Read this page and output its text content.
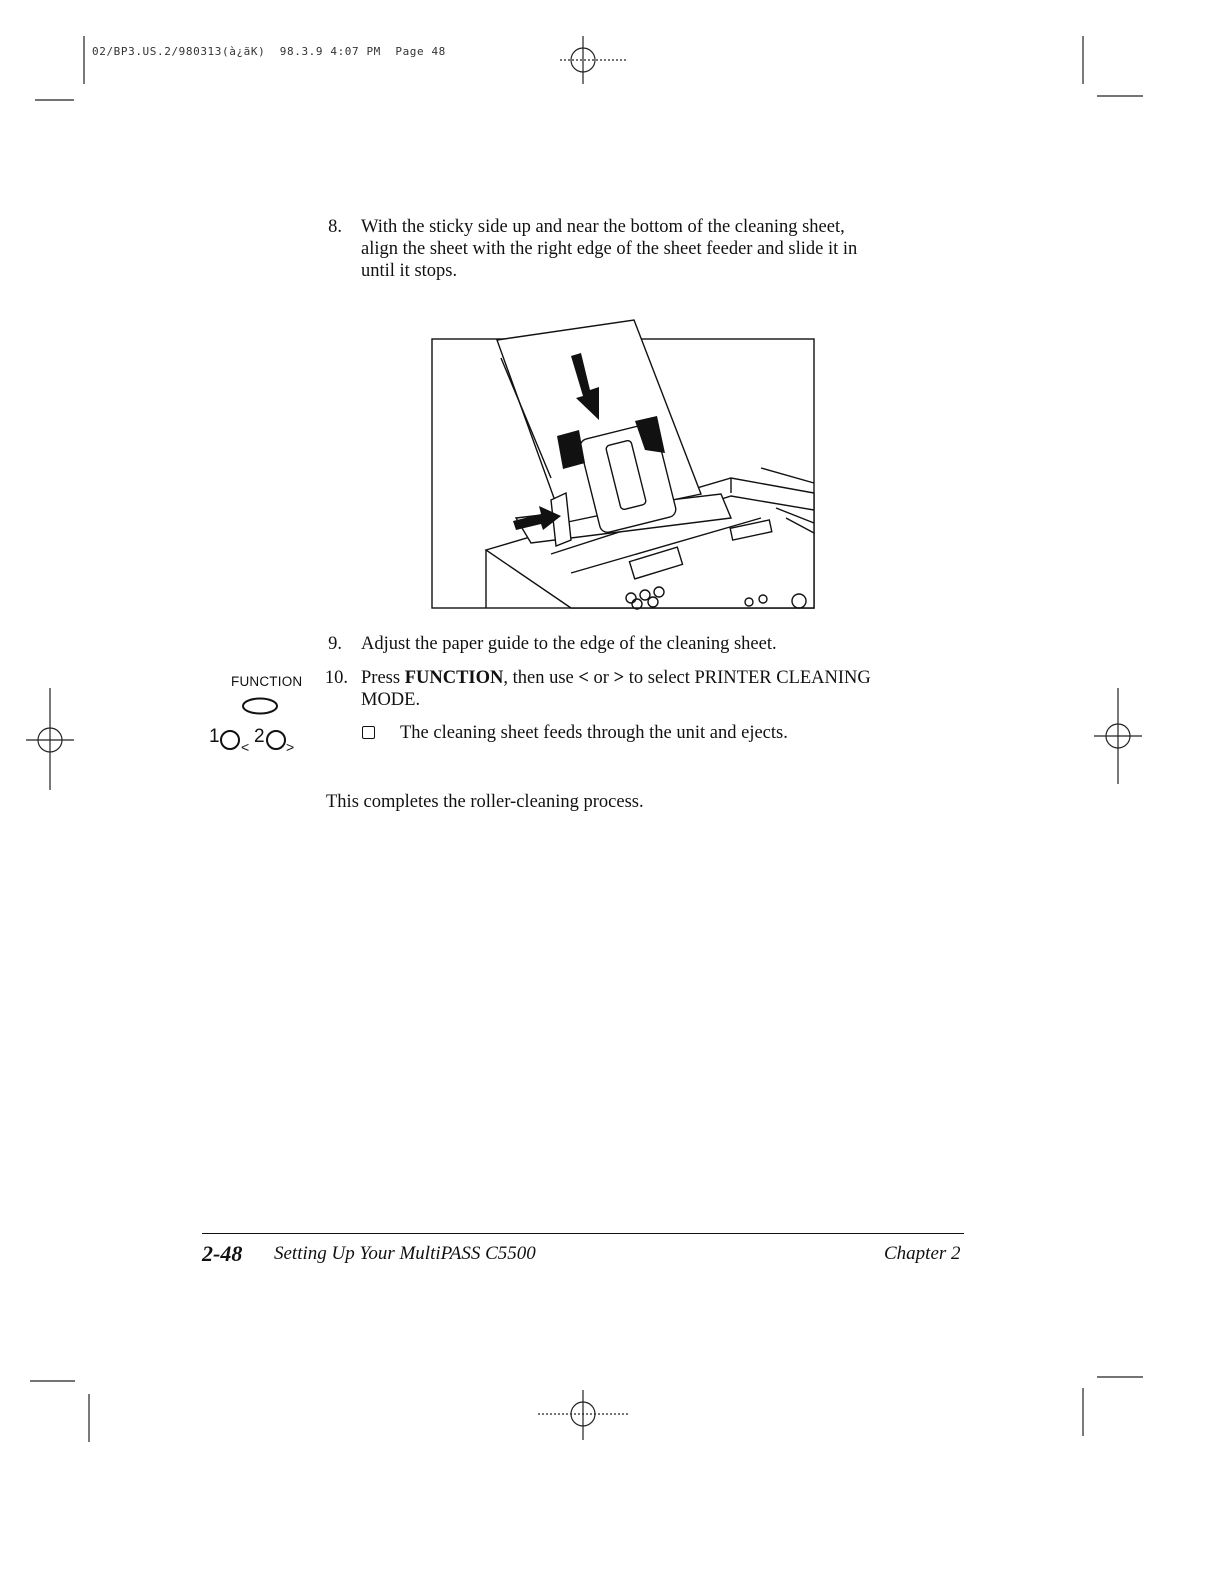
02/BP3.US.2/980313(à¿ãK)  98.3.9 4:07 PM  Page 48
8. With the sticky side up and near the bottom of the cleaning sheet,
align the sheet with the right edge of the sheet feeder and slide it in
until it stops.
9. Adjust the paper guide to the edge of the cleaning sheet.
FUNCTION
1 < 2 >
10. Press FUNCTION, then use < or > to select PRINTER CLEANING
MODE.
The cleaning sheet feeds through the unit and ejects.
This completes the roller-cleaning process.
2-48 Setting Up Your MultiPASS C5500	Chapter 2
